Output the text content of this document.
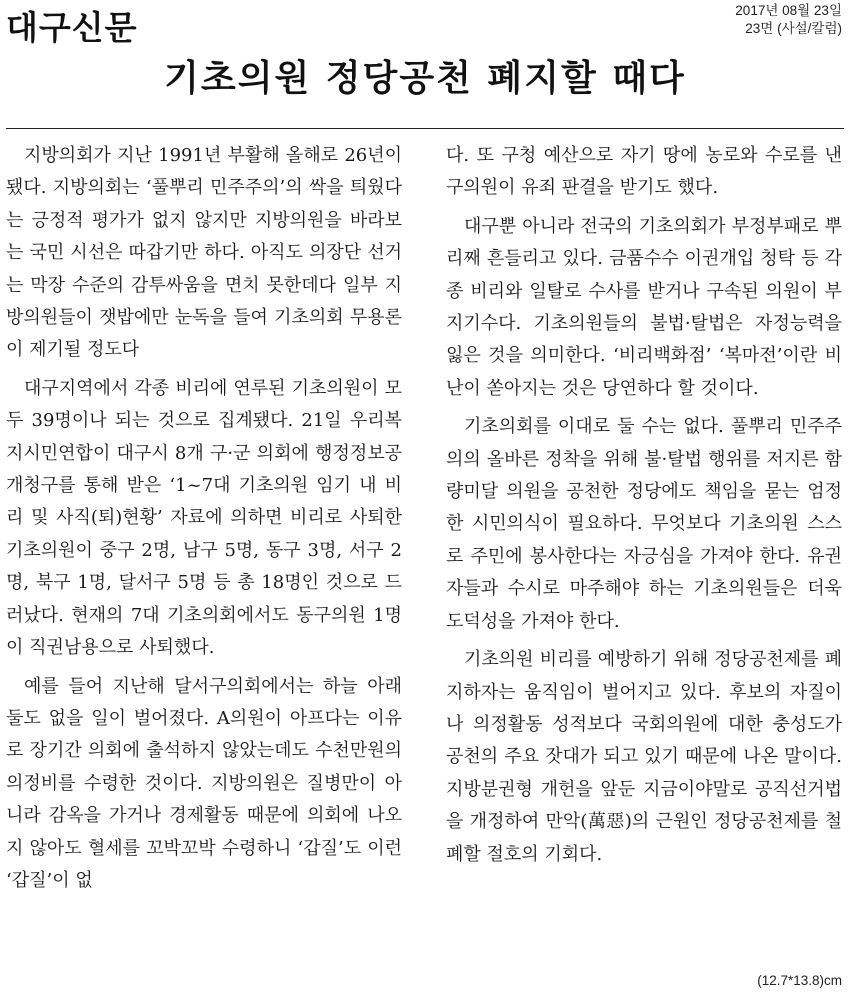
대구신문	2017년 08월 23일
23면 (사설/칼럼)
기초의원 정당공천 폐지할 때다

지방의회가 지난 1991년 부활해 올해로 26년이 됐다. 지방의회는 ‘풀뿌리 민주주의’의 싹을 틔웠다는 긍정적 평가가 없지 않지만 지방의원을 바라보는 국민 시선은 따갑기만 하다. 아직도 의장단 선거는 막장 수준의 감투싸움을 면치 못한데다 일부 지방의원들이 잿밥에만 눈독을 들여 기초의회 무용론이 제기될 정도다

대구지역에서 각종 비리에 연루된 기초의원이 모두 39명이나 되는 것으로 집계됐다. 21일 우리복지시민연합이 대구시 8개 구·군 의회에 행정정보공개청구를 통해 받은 ‘1~7대 기초의원 임기 내 비리 및 사직(퇴)현황’ 자료에 의하면 비리로 사퇴한 기초의원이 중구 2명, 남구 5명, 동구 3명, 서구 2명, 북구 1명, 달서구 5명 등 총 18명인 것으로 드러났다. 현재의 7대 기초의회에서도 동구의원 1명이 직권남용으로 사퇴했다.

예를 들어 지난해 달서구의회에서는 하늘 아래 둘도 없을 일이 벌어졌다. A의원이 아프다는 이유로 장기간 의회에 출석하지 않았는데도 수천만원의 의정비를 수령한 것이다. 지방의원은 질병만이 아니라 감옥을 가거나 경제활동 때문에 의회에 나오지 않아도 혈세를 꼬박꼬박 수령하니 ‘갑질’도 이런 ‘갑질’이 없

다. 또 구청 예산으로 자기 땅에 농로와 수로를 낸 구의원이 유죄 판결을 받기도 했다.

대구뿐 아니라 전국의 기초의회가 부정부패로 뿌리째 흔들리고 있다. 금품수수 이권개입 청탁 등 각종 비리와 일탈로 수사를 받거나 구속된 의원이 부지기수다. 기초의원들의 불법·탈법은 자정능력을 잃은 것을 의미한다. ‘비리백화점’ ‘복마전’이란 비난이 쏟아지는 것은 당연하다 할 것이다.

기초의회를 이대로 둘 수는 없다. 풀뿌리 민주주의의 올바른 정착을 위해 불·탈법 행위를 저지른 함량미달 의원을 공천한 정당에도 책임을 묻는 엄정한 시민의식이 필요하다. 무엇보다 기초의원 스스로 주민에 봉사한다는 자긍심을 가져야 한다. 유권자들과 수시로 마주해야 하는 기초의원들은 더욱 도덕성을 가져야 한다.

기초의원 비리를 예방하기 위해 정당공천제를 폐지하자는 움직임이 벌어지고 있다. 후보의 자질이나 의정활동 성적보다 국회의원에 대한 충성도가 공천의 주요 잣대가 되고 있기 때문에 나온 말이다. 지방분권형 개헌을 앞둔 지금이야말로 공직선거법을 개정하여 만악(萬惡)의 근원인 정당공천제를 철폐할 절호의 기회다.

(12.7*13.8)cm
